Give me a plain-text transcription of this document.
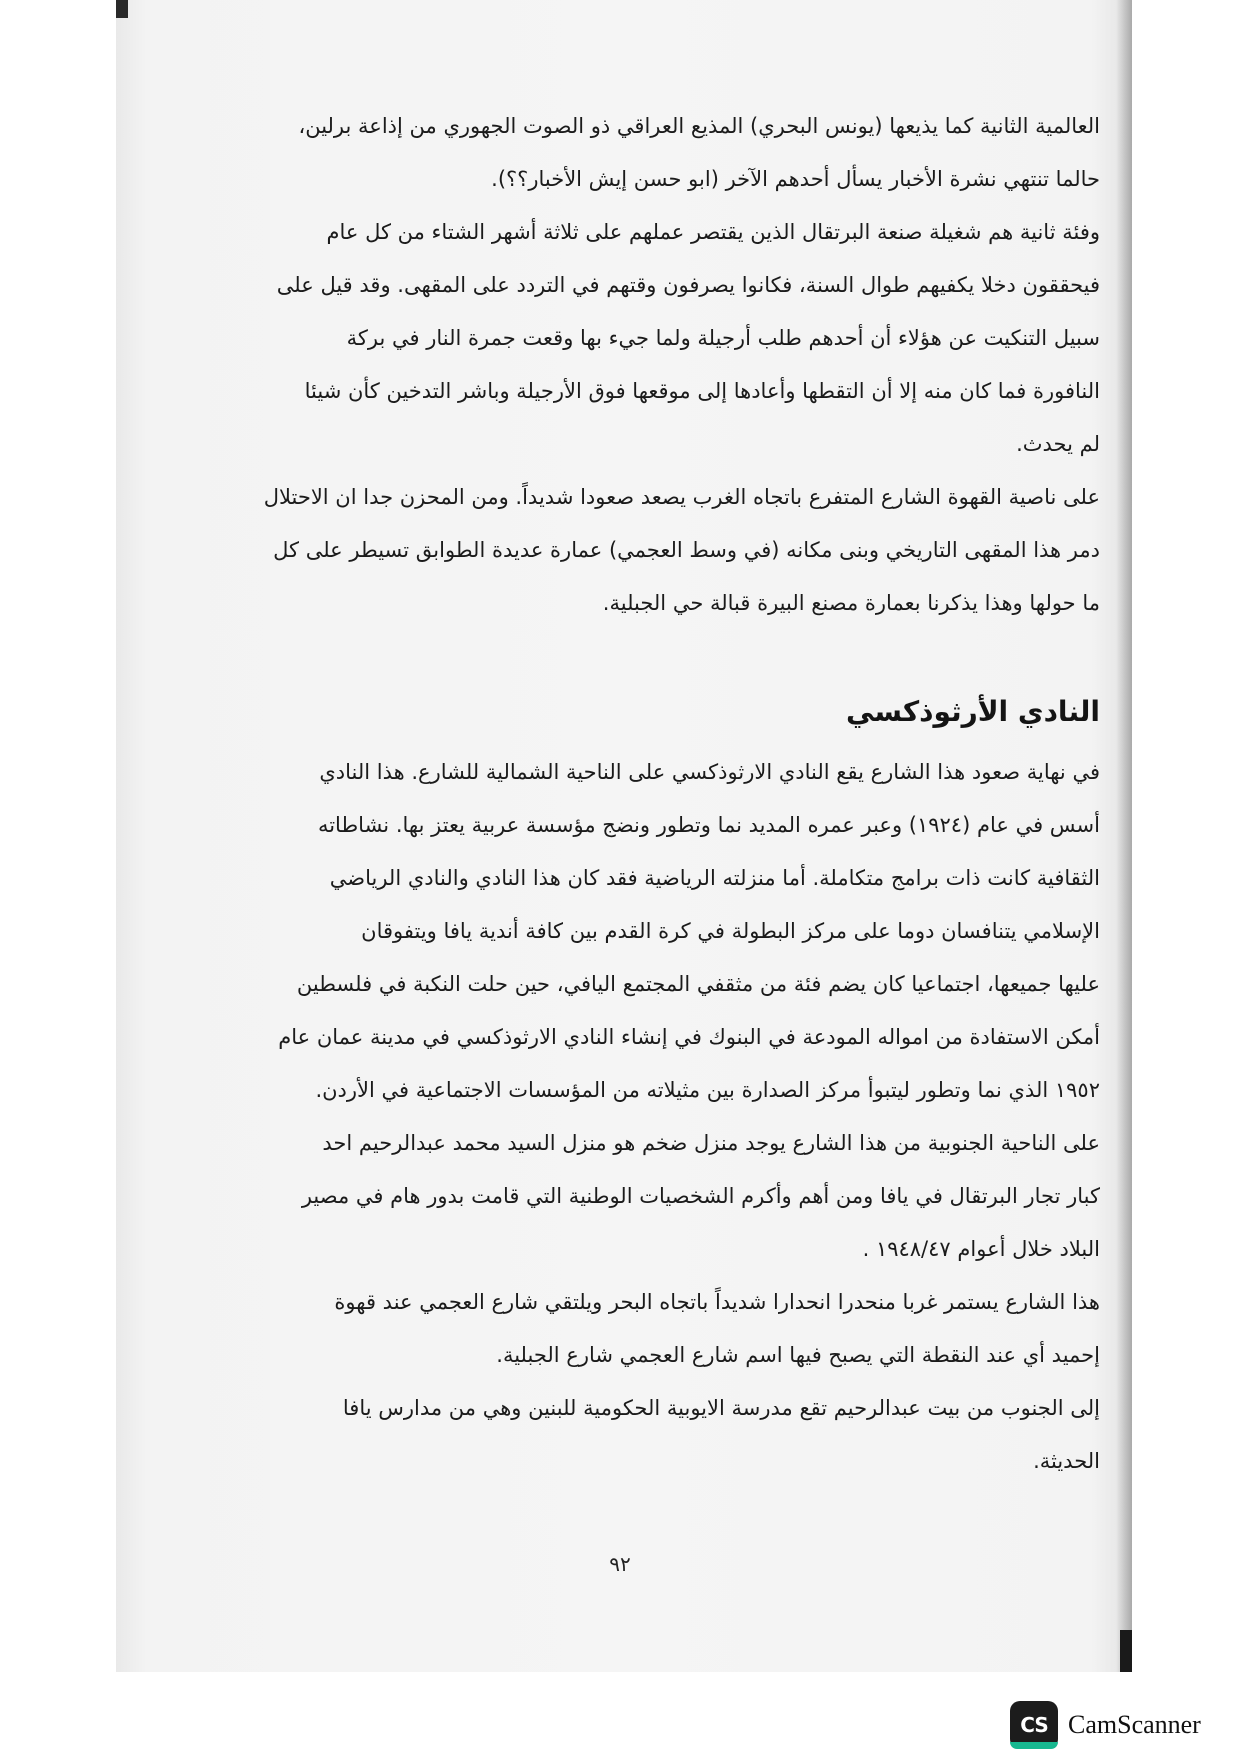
العالمية الثانية كما يذيعها (يونس البحري) المذيع العراقي ذو الصوت الجهوري من إذاعة برلين،

حالما تنتهي نشرة الأخبار يسأل أحدهم الآخر (ابو حسن إيش الأخبار؟؟).

وفئة ثانية هم شغيلة صنعة البرتقال الذين يقتصر عملهم على ثلاثة أشهر الشتاء من كل عام

فيحققون دخلا يكفيهم طوال السنة، فكانوا يصرفون وقتهم في التردد على المقهى. وقد قيل على

سبيل التنكيت عن هؤلاء أن أحدهم طلب أرجيلة ولما جيء بها وقعت جمرة النار في بركة

النافورة فما كان منه إلا أن التقطها وأعادها إلى موقعها فوق الأرجيلة وباشر التدخين كأن شيئا

لم يحدث.

على ناصية القهوة الشارع المتفرع باتجاه الغرب يصعد صعودا شديداً. ومن المحزن جدا ان الاحتلال

دمر هذا المقهى التاريخي وبنى مكانه (في وسط العجمي) عمارة عديدة الطوابق تسيطر على كل

ما حولها وهذا يذكرنا بعمارة مصنع البيرة قبالة حي الجبلية.

النادي الأرثوذكسي

في نهاية صعود هذا الشارع يقع النادي الارثوذكسي على الناحية الشمالية للشارع. هذا النادي

أسس في عام (١٩٢٤) وعبر عمره المديد نما وتطور ونضج مؤسسة عربية يعتز بها. نشاطاته

الثقافية كانت ذات برامج متكاملة. أما منزلته الرياضية فقد كان هذا النادي والنادي الرياضي

الإسلامي يتنافسان دوما على مركز البطولة في كرة القدم بين كافة أندية يافا ويتفوقان

عليها جميعها، اجتماعيا كان يضم فئة من مثقفي المجتمع اليافي، حين حلت النكبة في فلسطين

أمكن الاستفادة من امواله المودعة في البنوك في إنشاء النادي الارثوذكسي في مدينة عمان عام

١٩٥٢ الذي نما وتطور ليتبوأ مركز الصدارة بين مثيلاته من المؤسسات الاجتماعية في الأردن.

على الناحية الجنوبية من هذا الشارع يوجد منزل ضخم هو منزل السيد محمد عبدالرحيم احد

كبار تجار البرتقال في يافا ومن أهم وأكرم الشخصيات الوطنية التي قامت بدور هام في مصير

البلاد خلال أعوام ١٩٤٨/٤٧ .

هذا الشارع يستمر غربا منحدرا انحدارا شديداً باتجاه البحر ويلتقي شارع العجمي عند قهوة

إحميد أي عند النقطة التي يصبح فيها اسم شارع العجمي شارع الجبلية.

إلى الجنوب من بيت عبدالرحيم تقع مدرسة الايوبية الحكومية للبنين وهي من مدارس يافا

الحديثة.

٩٢
CS CamScanner
